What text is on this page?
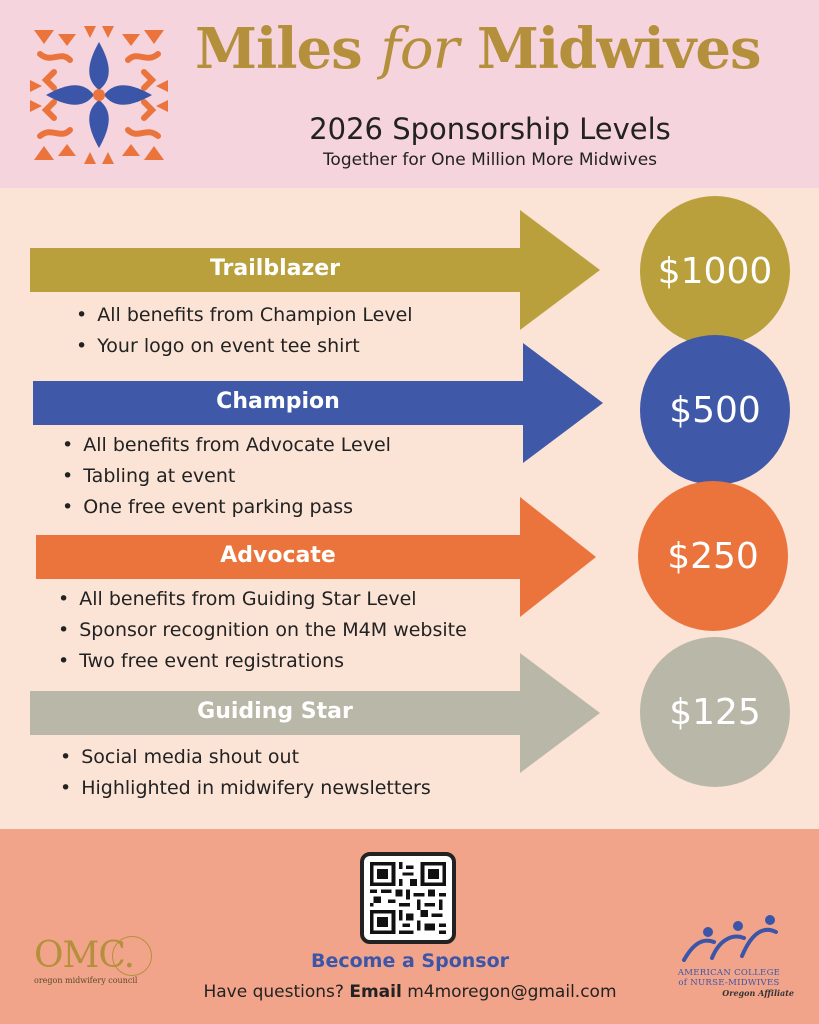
Miles for Midwives
2026 Sponsorship Levels
Together for One Million More Midwives
Trailblazer	$1000
• All benefits from Champion Level
• Your logo on event tee shirt
Champion	$500
• All benefits from Advocate Level
• Tabling at event
• One free event parking pass
Advocate	$250
• All benefits from Guiding Star Level
• Sponsor recognition on the M4M website
• Two free event registrations
Guiding Star	$125
• Social media shout out
• Highlighted in midwifery newsletters
Become a Sponsor
Have questions? Email m4moregon@gmail.com
OMC.
oregon midwifery council
AMERICAN COLLEGE
of NURSE-MIDWIVES
Oregon Affiliate
